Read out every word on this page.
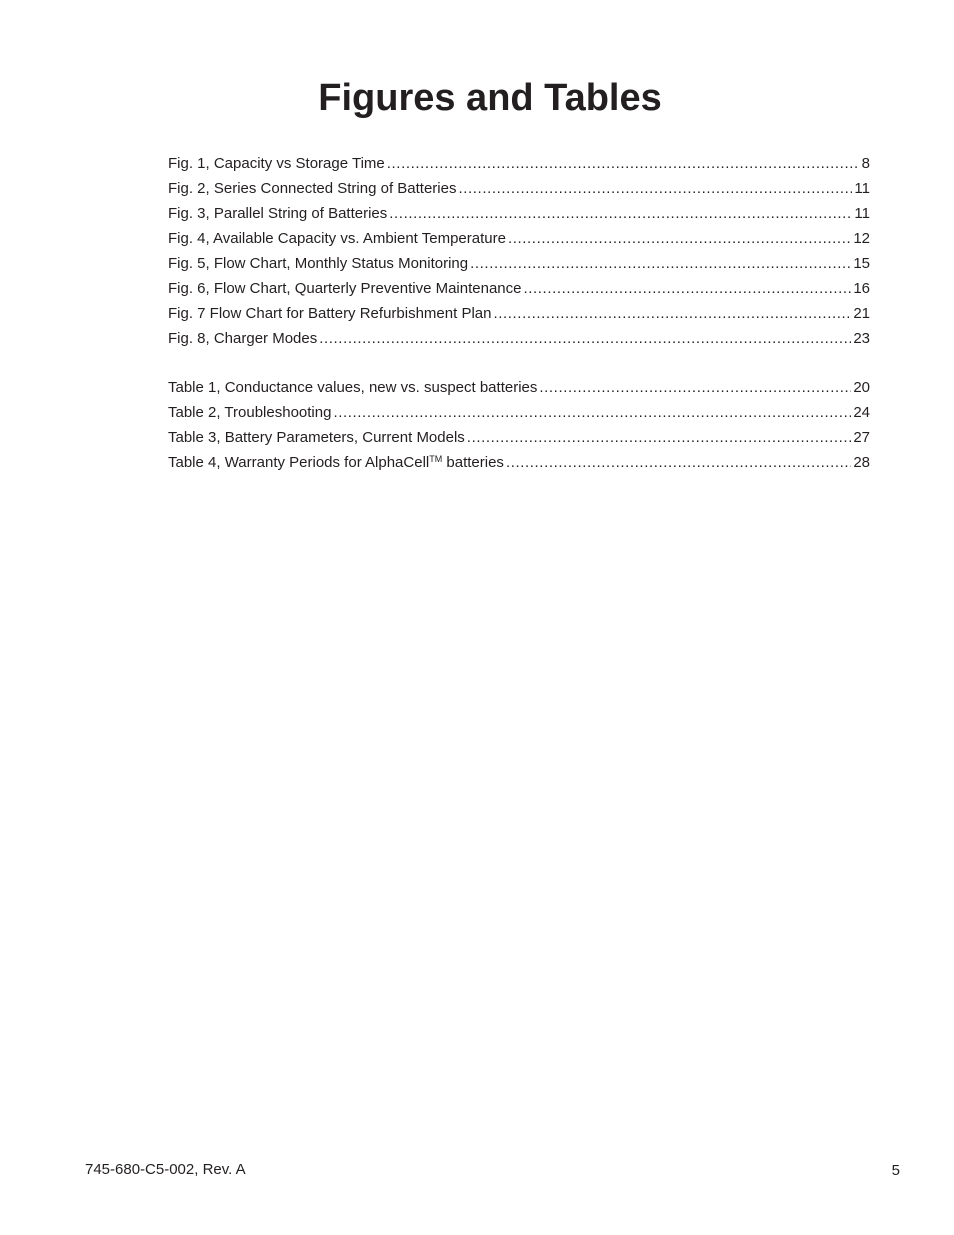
Figures and Tables
Fig. 1, Capacity vs Storage Time .....	8
Fig. 2, Series Connected String of Batteries .....	11
Fig. 3, Parallel String of Batteries .....	11
Fig. 4, Available Capacity vs. Ambient Temperature .....	12
Fig. 5, Flow Chart, Monthly Status Monitoring .....	15
Fig. 6, Flow Chart, Quarterly Preventive Maintenance .....	16
Fig. 7 Flow Chart for Battery Refurbishment Plan .....	21
Fig. 8, Charger Modes .....	23
Table 1, Conductance values, new vs. suspect batteries .....	20
Table 2, Troubleshooting .....	24
Table 3, Battery Parameters, Current Models .....	27
Table 4, Warranty Periods for AlphaCell™ batteries .....	28
745-680-C5-002, Rev. A	5
